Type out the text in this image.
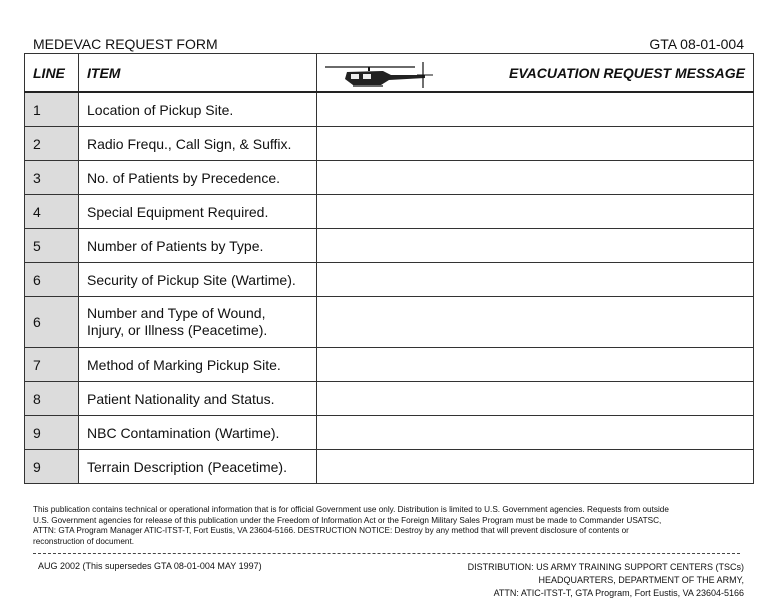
MEDEVAC REQUEST FORM	GTA 08-01-004
LINE	ITEM	EVACUATION REQUEST MESSAGE
1	Location of Pickup Site.	
2	Radio Frequ., Call Sign, & Suffix.	
3	No. of Patients by Precedence.	
4	Special Equipment Required.	
5	Number of Patients by Type.	
6	Security of Pickup Site (Wartime).	
6	Number and Type of Wound,
Injury, or Illness (Peacetime).	

7	Method of Marking Pickup Site.	
8	Patient Nationality and Status.	
9	NBC Contamination (Wartime).	
9	Terrain Description (Peacetime).	
This publication contains technical or operational information that is for official Government use only. Distribution is limited to U.S. Government agencies. Requests from outside
U.S. Government agencies for release of this publication under the Freedom of Information Act or the Foreign Military Sales Program must be made to Commander USATSC,
ATTN: GTA Program Manager ATIC-ITST-T, Fort Eustis, VA 23604-5166. DESTRUCTION NOTICE: Destroy by any method that will prevent disclosure of contents or
reconstruction of document.
AUG 2002 (This supersedes GTA 08-01-004 MAY 1997)	DISTRIBUTION: US ARMY TRAINING SUPPORT CENTERS (TSCs)
HEADQUARTERS, DEPARTMENT OF THE ARMY,
ATTN: ATIC-ITST-T, GTA Program, Fort Eustis, VA 23604-5166
